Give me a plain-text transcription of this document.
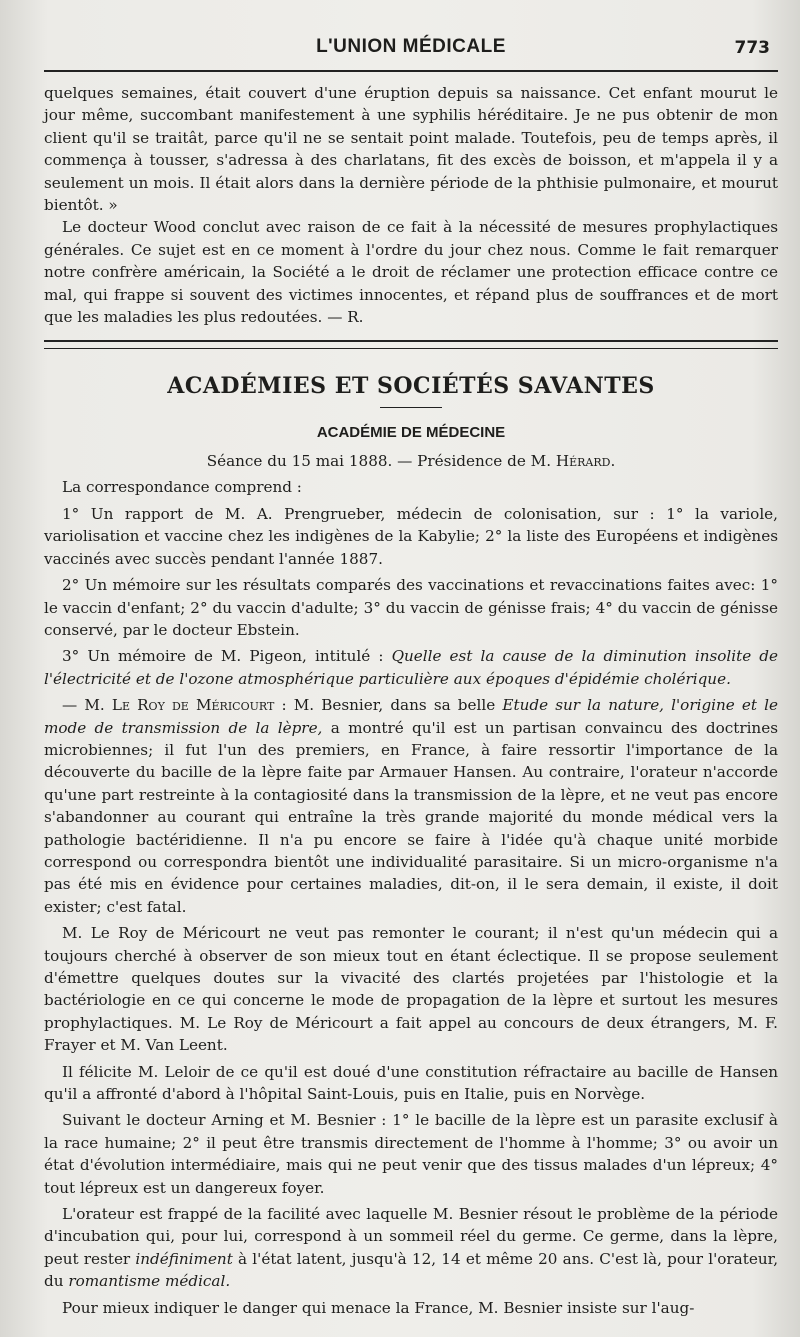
L'UNION MÉDICALE	773

quelques semaines, était couvert d'une éruption depuis sa naissance. Cet enfant mourut le jour même, succombant manifestement à une syphilis héréditaire. Je ne pus obtenir de mon client qu'il se traitât, parce qu'il ne se sentait point malade. Toutefois, peu de temps après, il commença à tousser, s'adressa à des charlatans, fit des excès de boisson, et m'appela il y a seulement un mois. Il était alors dans la dernière période de la phthisie pulmonaire, et mourut bientôt. »

Le docteur Wood conclut avec raison de ce fait à la nécessité de mesures prophylactiques générales. Ce sujet est en ce moment à l'ordre du jour chez nous. Comme le fait remarquer notre confrère américain, la Société a le droit de réclamer une protection efficace contre ce mal, qui frappe si souvent des victimes innocentes, et répand plus de souffrances et de mort que les maladies les plus redoutées. — R.

ACADÉMIES ET SOCIÉTÉS SAVANTES
ACADÉMIE DE MÉDECINE

Séance du 15 mai 1888. — Présidence de M. Hérard.

La correspondance comprend :

1° Un rapport de M. A. Prengrueber, médecin de colonisation, sur : 1° la variole, variolisation et vaccine chez les indigènes de la Kabylie; 2° la liste des Européens et indigènes vaccinés avec succès pendant l'année 1887.

2° Un mémoire sur les résultats comparés des vaccinations et revaccinations faites avec: 1° le vaccin d'enfant; 2° du vaccin d'adulte; 3° du vaccin de génisse frais; 4° du vaccin de génisse conservé, par le docteur Ebstein.

3° Un mémoire de M. Pigeon, intitulé : Quelle est la cause de la diminution insolite de l'électricité et de l'ozone atmosphérique particulière aux époques d'épidémie cholérique.

— M. Le Roy de Méricourt : M. Besnier, dans sa belle Etude sur la nature, l'origine et le mode de transmission de la lèpre, a montré qu'il est un partisan convaincu des doctrines microbiennes; il fut l'un des premiers, en France, à faire ressortir l'importance de la découverte du bacille de la lèpre faite par Armauer Hansen. Au contraire, l'orateur n'accorde qu'une part restreinte à la contagiosité dans la transmission de la lèpre, et ne veut pas encore s'abandonner au courant qui entraîne la très grande majorité du monde médical vers la pathologie bactéridienne. Il n'a pu encore se faire à l'idée qu'à chaque unité morbide correspond ou correspondra bientôt une individualité parasitaire. Si un micro-organisme n'a pas été mis en évidence pour certaines maladies, dit-on, il le sera demain, il existe, il doit exister; c'est fatal.

M. Le Roy de Méricourt ne veut pas remonter le courant; il n'est qu'un médecin qui a toujours cherché à observer de son mieux tout en étant éclectique. Il se propose seulement d'émettre quelques doutes sur la vivacité des clartés projetées par l'histologie et la bactériologie en ce qui concerne le mode de propagation de la lèpre et surtout les mesures prophylactiques. M. Le Roy de Méricourt a fait appel au concours de deux étrangers, M. F. Frayer et M. Van Leent.

Il félicite M. Leloir de ce qu'il est doué d'une constitution réfractaire au bacille de Hansen qu'il a affronté d'abord à l'hôpital Saint-Louis, puis en Italie, puis en Norvège.

Suivant le docteur Arning et M. Besnier : 1° le bacille de la lèpre est un parasite exclusif à la race humaine; 2° il peut être transmis directement de l'homme à l'homme; 3° ou avoir un état d'évolution intermédiaire, mais qui ne peut venir que des tissus malades d'un lépreux; 4° tout lépreux est un dangereux foyer.

L'orateur est frappé de la facilité avec laquelle M. Besnier résout le problème de la période d'incubation qui, pour lui, correspond à un sommeil réel du germe. Ce germe, dans la lèpre, peut rester indéfiniment à l'état latent, jusqu'à 12, 14 et même 20 ans. C'est là, pour l'orateur, du romantisme médical.

Pour mieux indiquer le danger qui menace la France, M. Besnier insiste sur l'aug-
